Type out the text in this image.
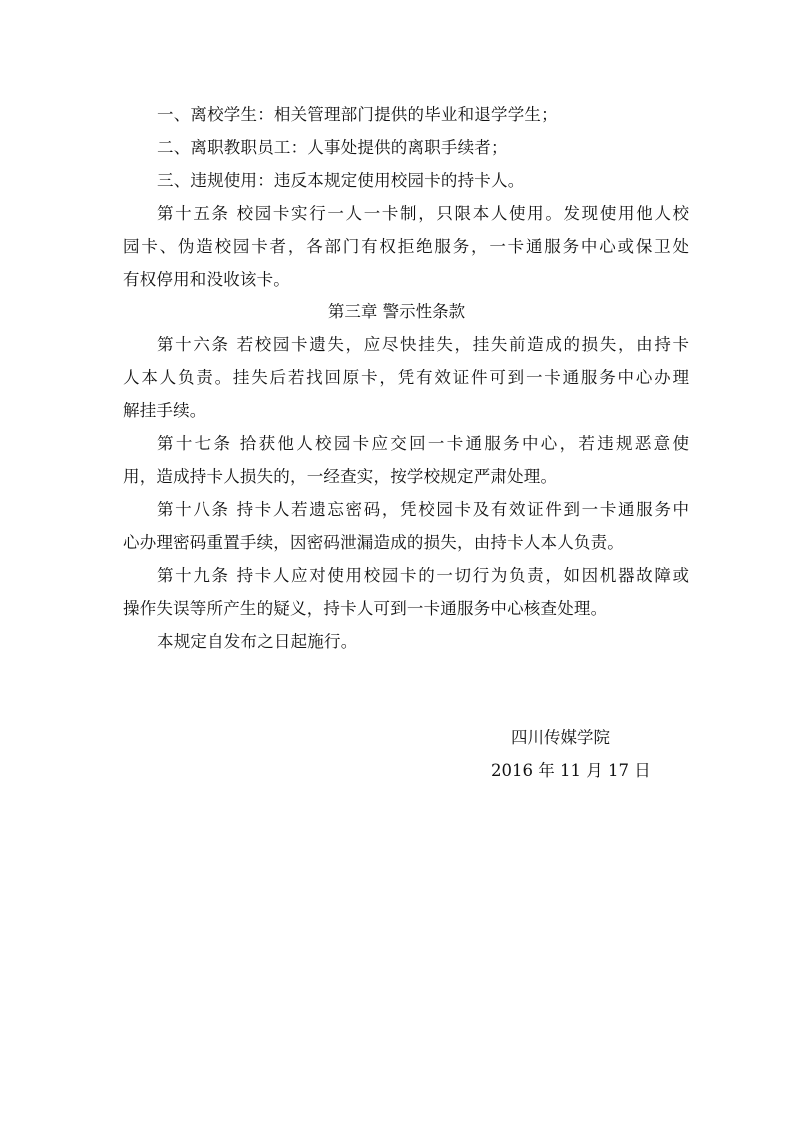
一、离校学生：相关管理部门提供的毕业和退学学生；
二、离职教职员工：人事处提供的离职手续者；
三、违规使用：违反本规定使用校园卡的持卡人。
第十五条 校园卡实行一人一卡制，只限本人使用。发现使用他人校
园卡、伪造校园卡者，各部门有权拒绝服务，一卡通服务中心或保卫处
有权停用和没收该卡。
第三章 警示性条款
第十六条 若校园卡遗失，应尽快挂失，挂失前造成的损失，由持卡
人本人负责。挂失后若找回原卡，凭有效证件可到一卡通服务中心办理
解挂手续。
第十七条 拾获他人校园卡应交回一卡通服务中心，若违规恶意使
用，造成持卡人损失的，一经查实，按学校规定严肃处理。
第十八条 持卡人若遗忘密码，凭校园卡及有效证件到一卡通服务中
心办理密码重置手续，因密码泄漏造成的损失，由持卡人本人负责。
第十九条 持卡人应对使用校园卡的一切行为负责，如因机器故障或
操作失误等所产生的疑义，持卡人可到一卡通服务中心核查处理。
本规定自发布之日起施行。
四川传媒学院
2016 年 11 月 17 日
